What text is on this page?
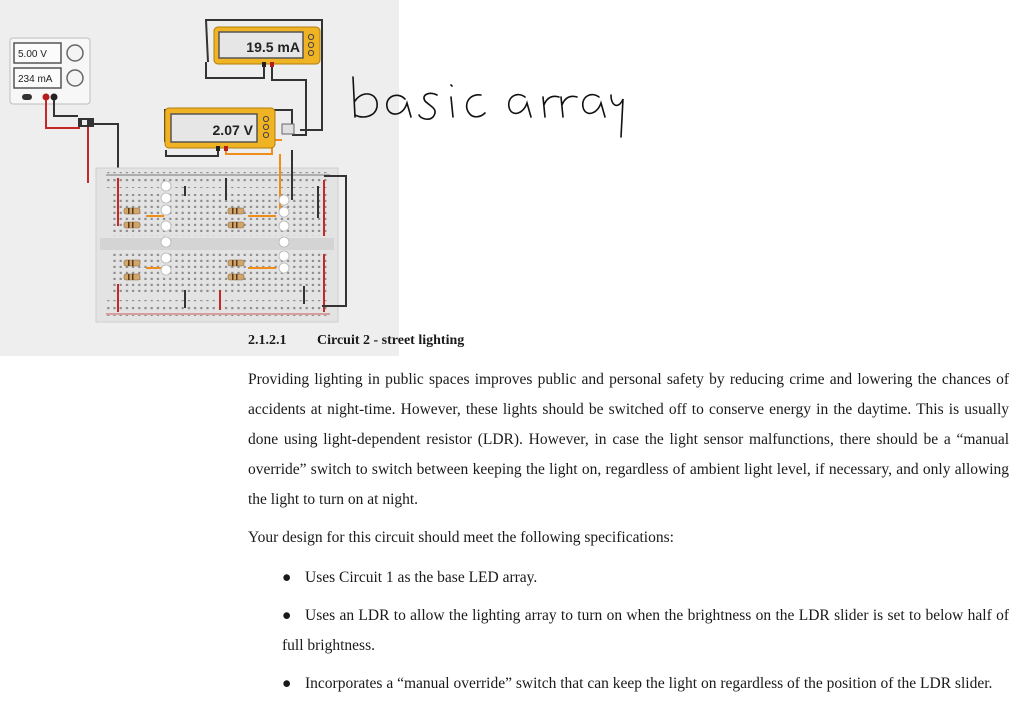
5.00 V
234 mA
19.5 mA
2.07 V

2.1.2.1 Circuit 2 - street lighting

Providing lighting in public spaces improves public and personal safety by reducing crime and lowering the chances of accidents at night-time. However, these lights should be switched off to conserve energy in the daytime. This is usually done using light-dependent resistor (LDR). However, in case the light sensor malfunctions, there should be a “manual override” switch to switch between keeping the light on, regardless of ambient light level, if necessary, and only allowing the light to turn on at night.

Your design for this circuit should meet the following specifications:

● Uses Circuit 1 as the base LED array.
● Uses an LDR to allow the lighting array to turn on when the brightness on the LDR slider is set to below half of full brightness.
● Incorporates a “manual override” switch that can keep the light on regardless of the position of the LDR slider.
